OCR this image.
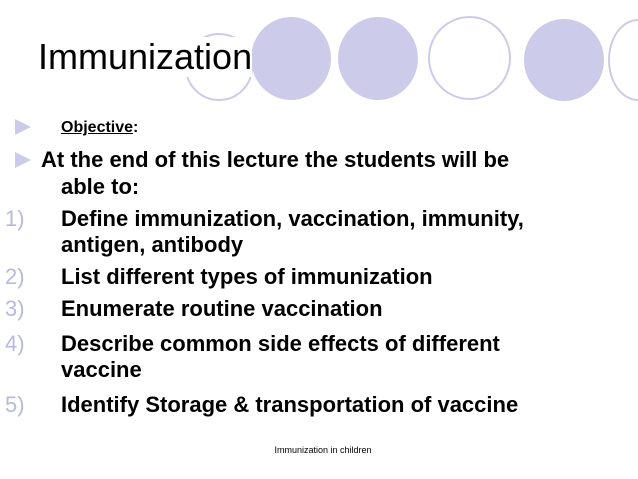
Immunization
Objective:
At the end of this lecture the students will be
able to:
1) Define immunization, vaccination, immunity,
antigen, antibody
2) List different types of immunization
3) Enumerate routine vaccination
4) Describe common side effects of different
vaccine
5) Identify Storage & transportation of vaccine
Immunization in children
